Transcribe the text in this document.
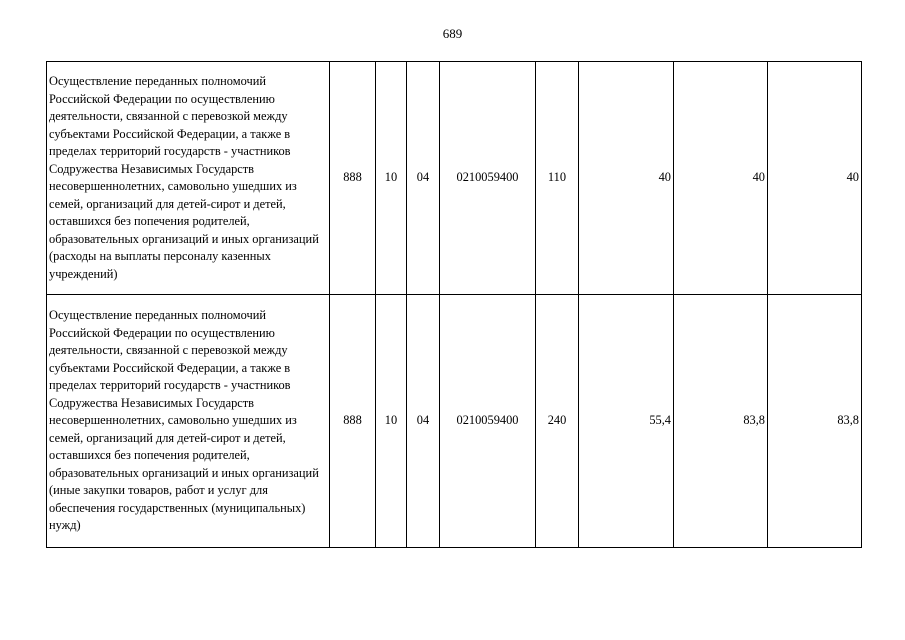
689
Осуществление переданных полномочий Российской Федерации по осуществлению деятельности, связанной с перевозкой между субъектами Российской Федерации, а также в пределах территорий государств - участников Содружества Независимых Государств несовершеннолетних, самовольно ушедших из семей, организаций для детей-сирот и детей, оставшихся без попечения родителей, образовательных организаций и иных организаций (расходы на выплаты персоналу казенных учреждений)	888	10	04	0210059400	110	40	40	40
Осуществление переданных полномочий Российской Федерации по осуществлению деятельности, связанной с перевозкой между субъектами Российской Федерации, а также в пределах территорий государств - участников Содружества Независимых Государств несовершеннолетних, самовольно ушедших из семей, организаций для детей-сирот и детей, оставшихся без попечения родителей, образовательных организаций и иных организаций (иные закупки товаров, работ и услуг для обеспечения государственных (муниципальных) нужд)	888	10	04	0210059400	240	55,4	83,8	83,8
